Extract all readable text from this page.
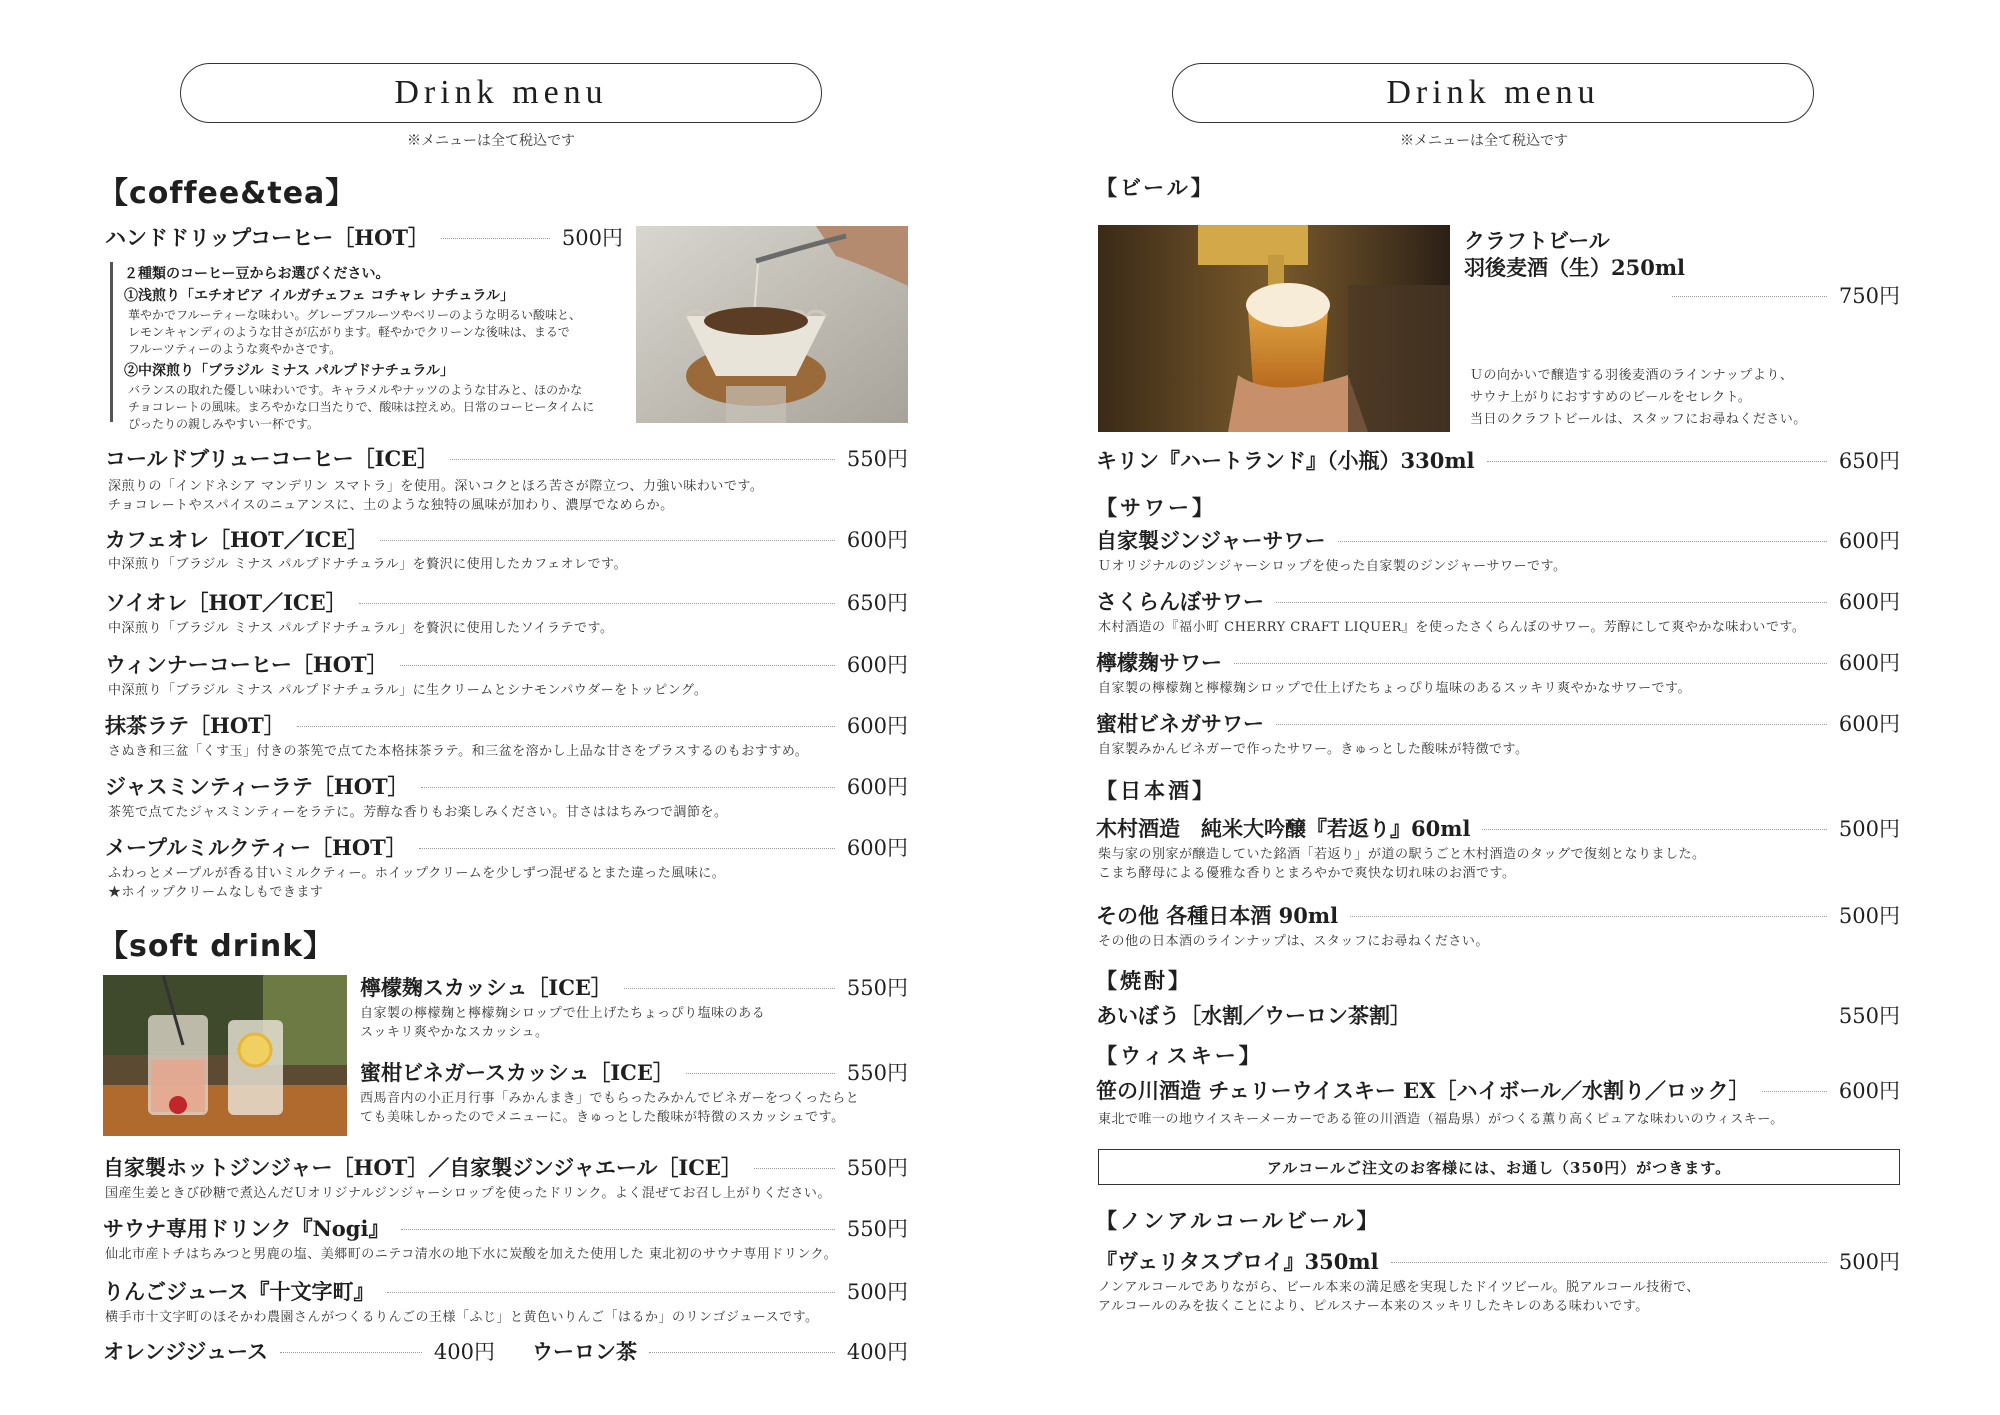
Drink menu
※メニューは全て税込です
【coffee&tea】
ハンドドリップコーヒー［HOT］	500円
２種類のコーヒー豆からお選びください。
①浅煎り「エチオピア イルガチェフェ コチャレ ナチュラル」
華やかでフルーティーな味わい。グレープフルーツやベリーのような明るい酸味と、
レモンキャンディのような甘さが広がります。軽やかでクリーンな後味は、まるで
フルーツティーのような爽やかさです。
②中深煎り「ブラジル ミナス パルプドナチュラル」
バランスの取れた優しい味わいです。キャラメルやナッツのような甘みと、ほのかな
チョコレートの風味。まろやかな口当たりで、酸味は控えめ。日常のコーヒータイムに
ぴったりの親しみやすい一杯です。
コールドブリューコーヒー［ICE］	550円
深煎りの「インドネシア マンデリン スマトラ」を使用。深いコクとほろ苦さが際立つ、力強い味わいです。
チョコレートやスパイスのニュアンスに、土のような独特の風味が加わり、濃厚でなめらか。
カフェオレ［HOT／ICE］	600円
中深煎り「ブラジル ミナス パルプドナチュラル」を贅沢に使用したカフェオレです。
ソイオレ［HOT／ICE］	650円
中深煎り「ブラジル ミナス パルプドナチュラル」を贅沢に使用したソイラテです。
ウィンナーコーヒー［HOT］	600円
中深煎り「ブラジル ミナス パルプドナチュラル」に生クリームとシナモンパウダーをトッピング。
抹茶ラテ［HOT］	600円
さぬき和三盆「くす玉」付きの茶筅で点てた本格抹茶ラテ。和三盆を溶かし上品な甘さをプラスするのもおすすめ。
ジャスミンティーラテ［HOT］	600円
茶筅で点てたジャスミンティーをラテに。芳醇な香りもお楽しみください。甘さははちみつで調節を。
メープルミルクティー［HOT］	600円
ふわっとメープルが香る甘いミルクティー。ホイップクリームを少しずつ混ぜるとまた違った風味に。
★ホイップクリームなしもできます
【soft drink】
檸檬麹スカッシュ［ICE］	550円
自家製の檸檬麹と檸檬麹シロップで仕上げたちょっぴり塩味のある
スッキリ爽やかなスカッシュ。
蜜柑ビネガースカッシュ［ICE］	550円
西馬音内の小正月行事「みかんまき」でもらったみかんでビネガーをつくったらと
ても美味しかったのでメニューに。きゅっとした酸味が特徴のスカッシュです。
自家製ホットジンジャー［HOT］／自家製ジンジャエール［ICE］	550円
国産生姜ときび砂糖で煮込んだＵオリジナルジンジャーシロップを使ったドリンク。よく混ぜてお召し上がりください。
サウナ専用ドリンク『Nogi』	550円
仙北市産トチはちみつと男鹿の塩、美郷町のニテコ清水の地下水に炭酸を加えた使用した 東北初のサウナ専用ドリンク。
りんごジュース『十文字町』	500円
横手市十文字町のほそかわ農園さんがつくるりんごの王様「ふじ」と黄色いりんご「はるか」のリンゴジュースです。
オレンジジュース	400円 ウーロン茶	400円
Drink menu
※メニューは全て税込です
【ビール】
クラフトビール
羽後麦酒（生）250ml
750円
Ｕの向かいで醸造する羽後麦酒のラインナップより、
サウナ上がりにおすすめのビールをセレクト。
当日のクラフトビールは、スタッフにお尋ねください。
キリン『ハートランド』（小瓶）330ml	650円
【サワー】
自家製ジンジャーサワー	600円
Ｕオリジナルのジンジャーシロップを使った自家製のジンジャーサワーです。
さくらんぼサワー	600円
木村酒造の『福小町 CHERRY CRAFT LIQUER』を使ったさくらんぼのサワー。芳醇にして爽やかな味わいです。
檸檬麹サワー	600円
自家製の檸檬麹と檸檬麹シロップで仕上げたちょっぴり塩味のあるスッキリ爽やかなサワーです。
蜜柑ビネガサワー	600円
自家製みかんビネガーで作ったサワー。きゅっとした酸味が特徴です。
【日本酒】
木村酒造　純米大吟醸『若返り』60ml	500円
柴与家の別家が醸造していた銘酒「若返り」が道の駅うごと木村酒造のタッグで復刻となりました。
こまち酵母による優雅な香りとまろやかで爽快な切れ味のお酒です。
その他 各種日本酒 90ml	500円
その他の日本酒のラインナップは、スタッフにお尋ねください。
【焼酎】
あいぼう［水割／ウーロン茶割］	550円
【ウィスキー】
笹の川酒造 チェリーウイスキー EX［ハイボール／水割り／ロック］	600円
東北で唯一の地ウイスキーメーカーである笹の川酒造（福島県）がつくる薫り高くピュアな味わいのウィスキー。
アルコールご注文のお客様には、お通し（350円）がつきます。
【ノンアルコールビール】
『ヴェリタスブロイ』350ml	500円
ノンアルコールでありながら、ビール本来の満足感を実現したドイツビール。脱アルコール技術で、
アルコールのみを抜くことにより、ピルスナー本来のスッキリしたキレのある味わいです。
